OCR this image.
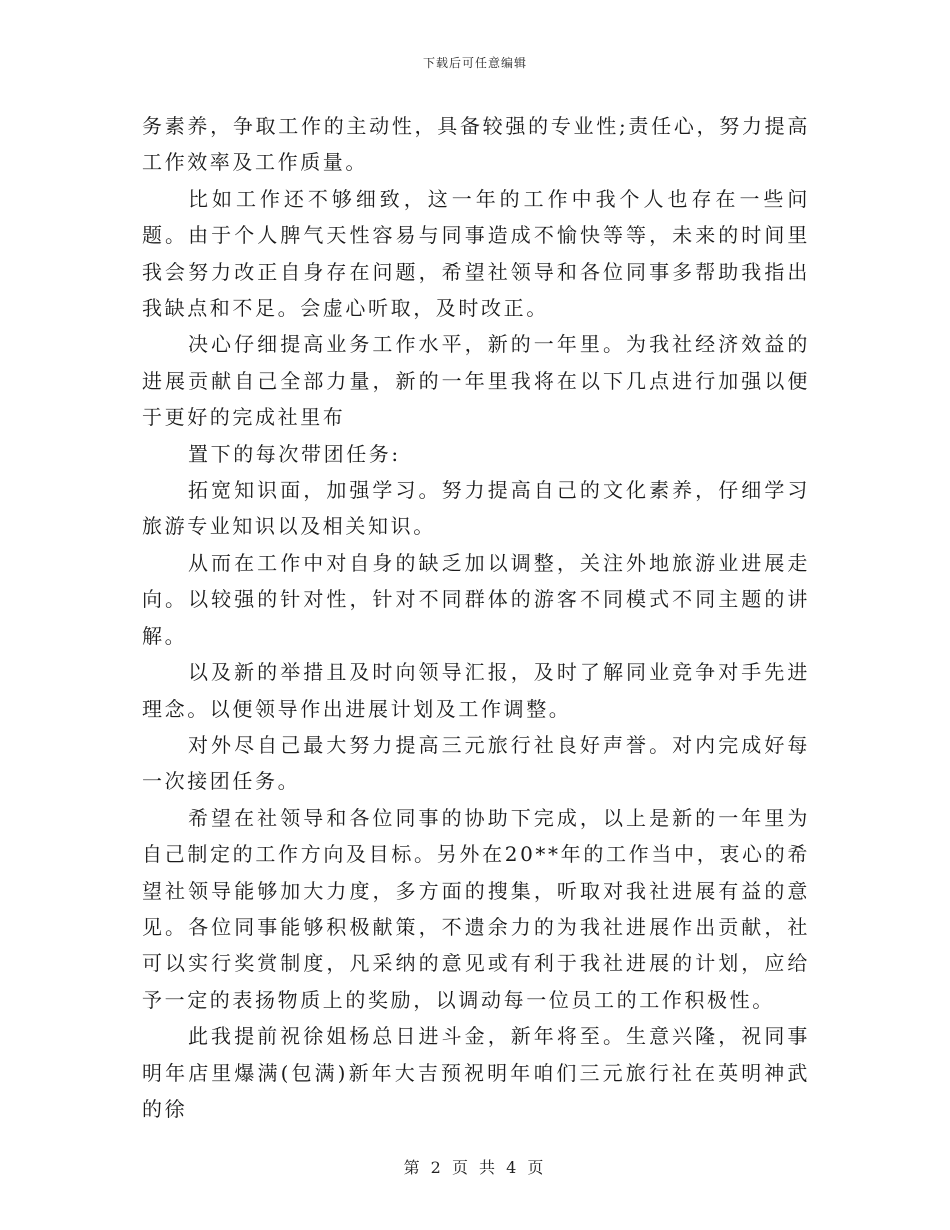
下载后可任意编辑

务素养，争取工作的主动性，具备较强的专业性;责任心，努力提高工作效率及工作质量。

比如工作还不够细致，这一年的工作中我个人也存在一些问题。由于个人脾气天性容易与同事造成不愉快等等，未来的时间里我会努力改正自身存在问题，希望社领导和各位同事多帮助我指出我缺点和不足。会虚心听取，及时改正。

决心仔细提高业务工作水平，新的一年里。为我社经济效益的进展贡献自己全部力量，新的一年里我将在以下几点进行加强以便于更好的完成社里布

置下的每次带团任务:

拓宽知识面，加强学习。努力提高自己的文化素养，仔细学习旅游专业知识以及相关知识。

从而在工作中对自身的缺乏加以调整，关注外地旅游业进展走向。以较强的针对性，针对不同群体的游客不同模式不同主题的讲解。

以及新的举措且及时向领导汇报，及时了解同业竞争对手先进理念。以便领导作出进展计划及工作调整。

对外尽自己最大努力提高三元旅行社良好声誉。对内完成好每一次接团任务。

希望在社领导和各位同事的协助下完成，以上是新的一年里为自己制定的工作方向及目标。另外在20**年的工作当中，衷心的希望社领导能够加大力度，多方面的搜集，听取对我社进展有益的意见。各位同事能够积极献策，不遗余力的为我社进展作出贡献，社可以实行奖赏制度，凡采纳的意见或有利于我社进展的计划，应给予一定的表扬物质上的奖励，以调动每一位员工的工作积极性。

此我提前祝徐姐杨总日进斗金，新年将至。生意兴隆，祝同事明年店里爆满(包满)新年大吉预祝明年咱们三元旅行社在英明神武的徐

第 2 页 共 4 页
